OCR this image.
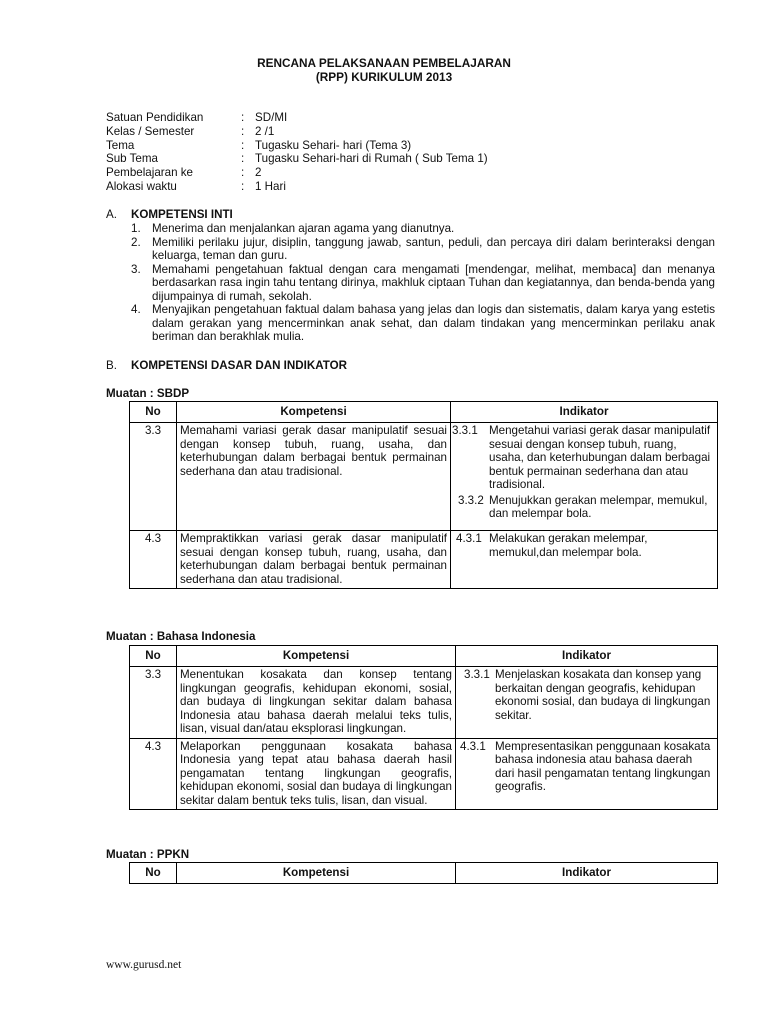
RENCANA PELAKSANAAN PEMBELAJARAN
(RPP) KURIKULUM 2013
Satuan Pendidikan	: SD/MI
Kelas / Semester	: 2 /1
Tema	: Tugasku Sehari- hari (Tema 3)
Sub Tema	: Tugasku Sehari-hari di Rumah ( Sub Tema 1)
Pembelajaran ke	: 2
Alokasi waktu	: 1 Hari
A.	KOMPETENSI INTI
1. Menerima dan menjalankan ajaran agama yang dianutnya.
2. Memiliki perilaku jujur, disiplin, tanggung jawab, santun, peduli, dan percaya diri dalam berinteraksi dengan keluarga, teman dan guru.
3. Memahami pengetahuan faktual dengan cara mengamati [mendengar, melihat, membaca] dan menanya berdasarkan rasa ingin tahu tentang dirinya, makhluk ciptaan Tuhan dan kegiatannya, dan benda-benda yang dijumpainya di rumah, sekolah.
4. Menyajikan pengetahuan faktual dalam bahasa yang jelas dan logis dan sistematis, dalam karya yang estetis dalam gerakan yang mencerminkan anak sehat, dan dalam tindakan yang mencerminkan perilaku anak beriman dan berakhlak mulia.
B.	KOMPETENSI DASAR DAN INDIKATOR
Muatan : SBDP
No	Kompetensi	Indikator
3.3	Memahami variasi gerak dasar manipulatif sesuai dengan konsep tubuh, ruang, usaha, dan keterhubungan dalam berbagai bentuk permainan sederhana dan atau tradisional.	3.3.1 Mengetahui variasi gerak dasar manipulatif sesuai dengan konsep tubuh, ruang, usaha, dan keterhubungan dalam berbagai bentuk permainan sederhana dan atau tradisional.
3.3.2 Menujukkan gerakan melempar, memukul, dan melempar bola.

4.3	Mempraktikkan variasi gerak dasar manipulatif sesuai dengan konsep tubuh, ruang, usaha, dan keterhubungan dalam berbagai bentuk permainan sederhana dan atau tradisional.	4.3.1 Melakukan gerakan melempar, memukul,dan melempar bola.
Muatan : Bahasa Indonesia
No	Kompetensi	Indikator
3.3	Menentukan kosakata dan konsep tentang lingkungan geografis, kehidupan ekonomi, sosial, dan budaya di lingkungan sekitar dalam bahasa Indonesia atau bahasa daerah melalui teks tulis, lisan, visual dan/atau eksplorasi lingkungan.	3.3.1 Menjelaskan kosakata dan konsep yang berkaitan dengan geografis, kehidupan ekonomi sosial, dan budaya di lingkungan sekitar.

4.3	Melaporkan penggunaan kosakata bahasa Indonesia yang tepat atau bahasa daerah hasil pengamatan tentang lingkungan geografis, kehidupan ekonomi, sosial dan budaya di lingkungan sekitar dalam bentuk teks tulis, lisan, dan visual.	4.3.1 Mempresentasikan penggunaan kosakata bahasa indonesia atau bahasa daerah dari hasil pengamatan tentang lingkungan geografis.
Muatan : PPKN
No	Kompetensi	Indikator
www.gurusd.net
